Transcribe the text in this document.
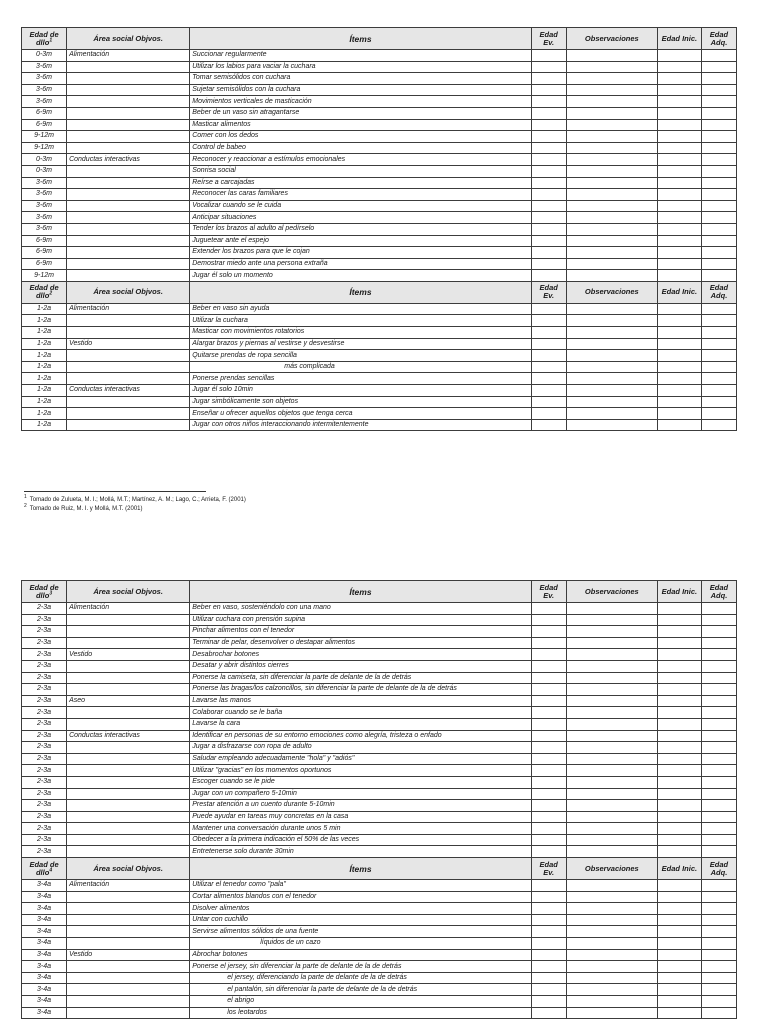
Edad de dllo$^1$	Área social Objvos.	Ítems	Edad Ev.	Observaciones	Edad Inic.	Edad Adq.
0-3m	Alimentación	Succionar regularmente				
3-6m		Utilizar los labios para vaciar la cuchara				
3-6m		Tomar semisólidos con cuchara				
3-6m		Sujetar semisólidos con la cuchara				
3-6m		Movimientos verticales de masticación				
6-9m		Beber de un vaso sin atragantarse				
6-9m		Masticar alimentos				
9-12m		Comer con los dedos				
9-12m		Control de babeo				
0-3m	Conductas interactivas	Reconocer y reaccionar a estímulos emocionales				
0-3m		Sonrisa social				
3-6m		Reírse a carcajadas				
3-6m		Reconocer las caras familiares				
3-6m		Vocalizar cuando se le cuida				
3-6m		Anticipar situaciones				
3-6m		Tender los brazos al adulto al pedírselo				
6-9m		Juguetear ante el espejo				
6-9m		Extender los brazos para que le cojan				
6-9m		Demostrar miedo ante una persona extraña				
9-12m		Jugar él solo un momento				
Edad de dllo$^2$	Área social Objvos.	Ítems	Edad Ev.	Observaciones	Edad Inic.	Edad Adq.
1-2a	Alimentación	Beber en vaso sin ayuda				
1-2a		Utilizar la cuchara				
1-2a		Masticar con movimientos rotatorios				
1-2a	Vestido	Alargar brazos y piernas al vestirse y desvestirse				
1-2a		Quitarse prendas de ropa sencilla				
1-2a		más complicada				
1-2a		Ponerse prendas sencillas				
1-2a	Conductas interactivas	Jugar él solo 10min				
1-2a		Jugar simbólicamente son objetos				
1-2a		Enseñar u ofrecer aquellos objetos que tenga cerca				
1-2a		Jugar con otros niños interaccionando intermitentemente				
$^1$ Tomado de Zulueta, M. I.; Mollá, M.T.; Martínez, A. M.; Lago, C.; Arrieta, F. (2001)
$^2$ Tomado de Ruiz, M. I. y Mollá, M.T. (2001)
Edad de dllo$^3$	Área social Objvos.	Ítems	Edad Ev.	Observaciones	Edad Inic.	Edad Adq.
2-3a	Alimentación	Beber en vaso, sosteniéndolo con una mano				
2-3a		Utilizar cuchara con prensión supina				
2-3a		Pinchar alimentos con el tenedor				
2-3a		Terminar de pelar, desenvolver o destapar alimentos				
2-3a	Vestido	Desabrochar botones				
2-3a		Desatar y abrir distintos cierres				
2-3a		Ponerse la camiseta, sin diferenciar la parte de delante de la de detrás				
2-3a		Ponerse las bragas/los calzoncillos, sin diferenciar la parte de delante de la de detrás				
2-3a	Aseo	Lavarse las manos				
2-3a		Colaborar cuando se le baña				
2-3a		Lavarse la cara				
2-3a	Conductas interactivas	Identificar en personas de su entorno emociones como alegría, tristeza o enfado				
2-3a		Jugar a disfrazarse con ropa de adulto				
2-3a		Saludar empleando adecuadamente "hola" y "adiós"				
2-3a		Utilizar "gracias" en los momentos oportunos				
2-3a		Escoger cuando se le pide				
2-3a		Jugar con un compañero 5-10min				
2-3a		Prestar atención a un cuento durante 5-10min				
2-3a		Puede ayudar en tareas muy concretas en la casa				
2-3a		Mantener una conversación durante unos 5 min				
2-3a		Obedecer a la primera indicación el 50% de las veces				
2-3a		Entretenerse solo durante 30min				
Edad de dllo$^4$	Área social Objvos.	Ítems	Edad Ev.	Observaciones	Edad Inic.	Edad Adq.
3-4a	Alimentación	Utilizar el tenedor como "pala"				
3-4a		Cortar alimentos blandos con el tenedor				
3-4a		Disolver alimentos				
3-4a		Untar con cuchillo				
3-4a		Servirse alimentos sólidos de una fuente				
3-4a		líquidos de un cazo				
3-4a	Vestido	Abrochar botones				
3-4a		Ponerse el jersey, sin diferenciar la parte de delante de la de detrás				
3-4a		el jersey, diferenciando la parte de delante de la de detrás				
3-4a		el pantalón, sin diferenciar la parte de delante de la de detrás				
3-4a		el abrigo				
3-4a		los leotardos				
